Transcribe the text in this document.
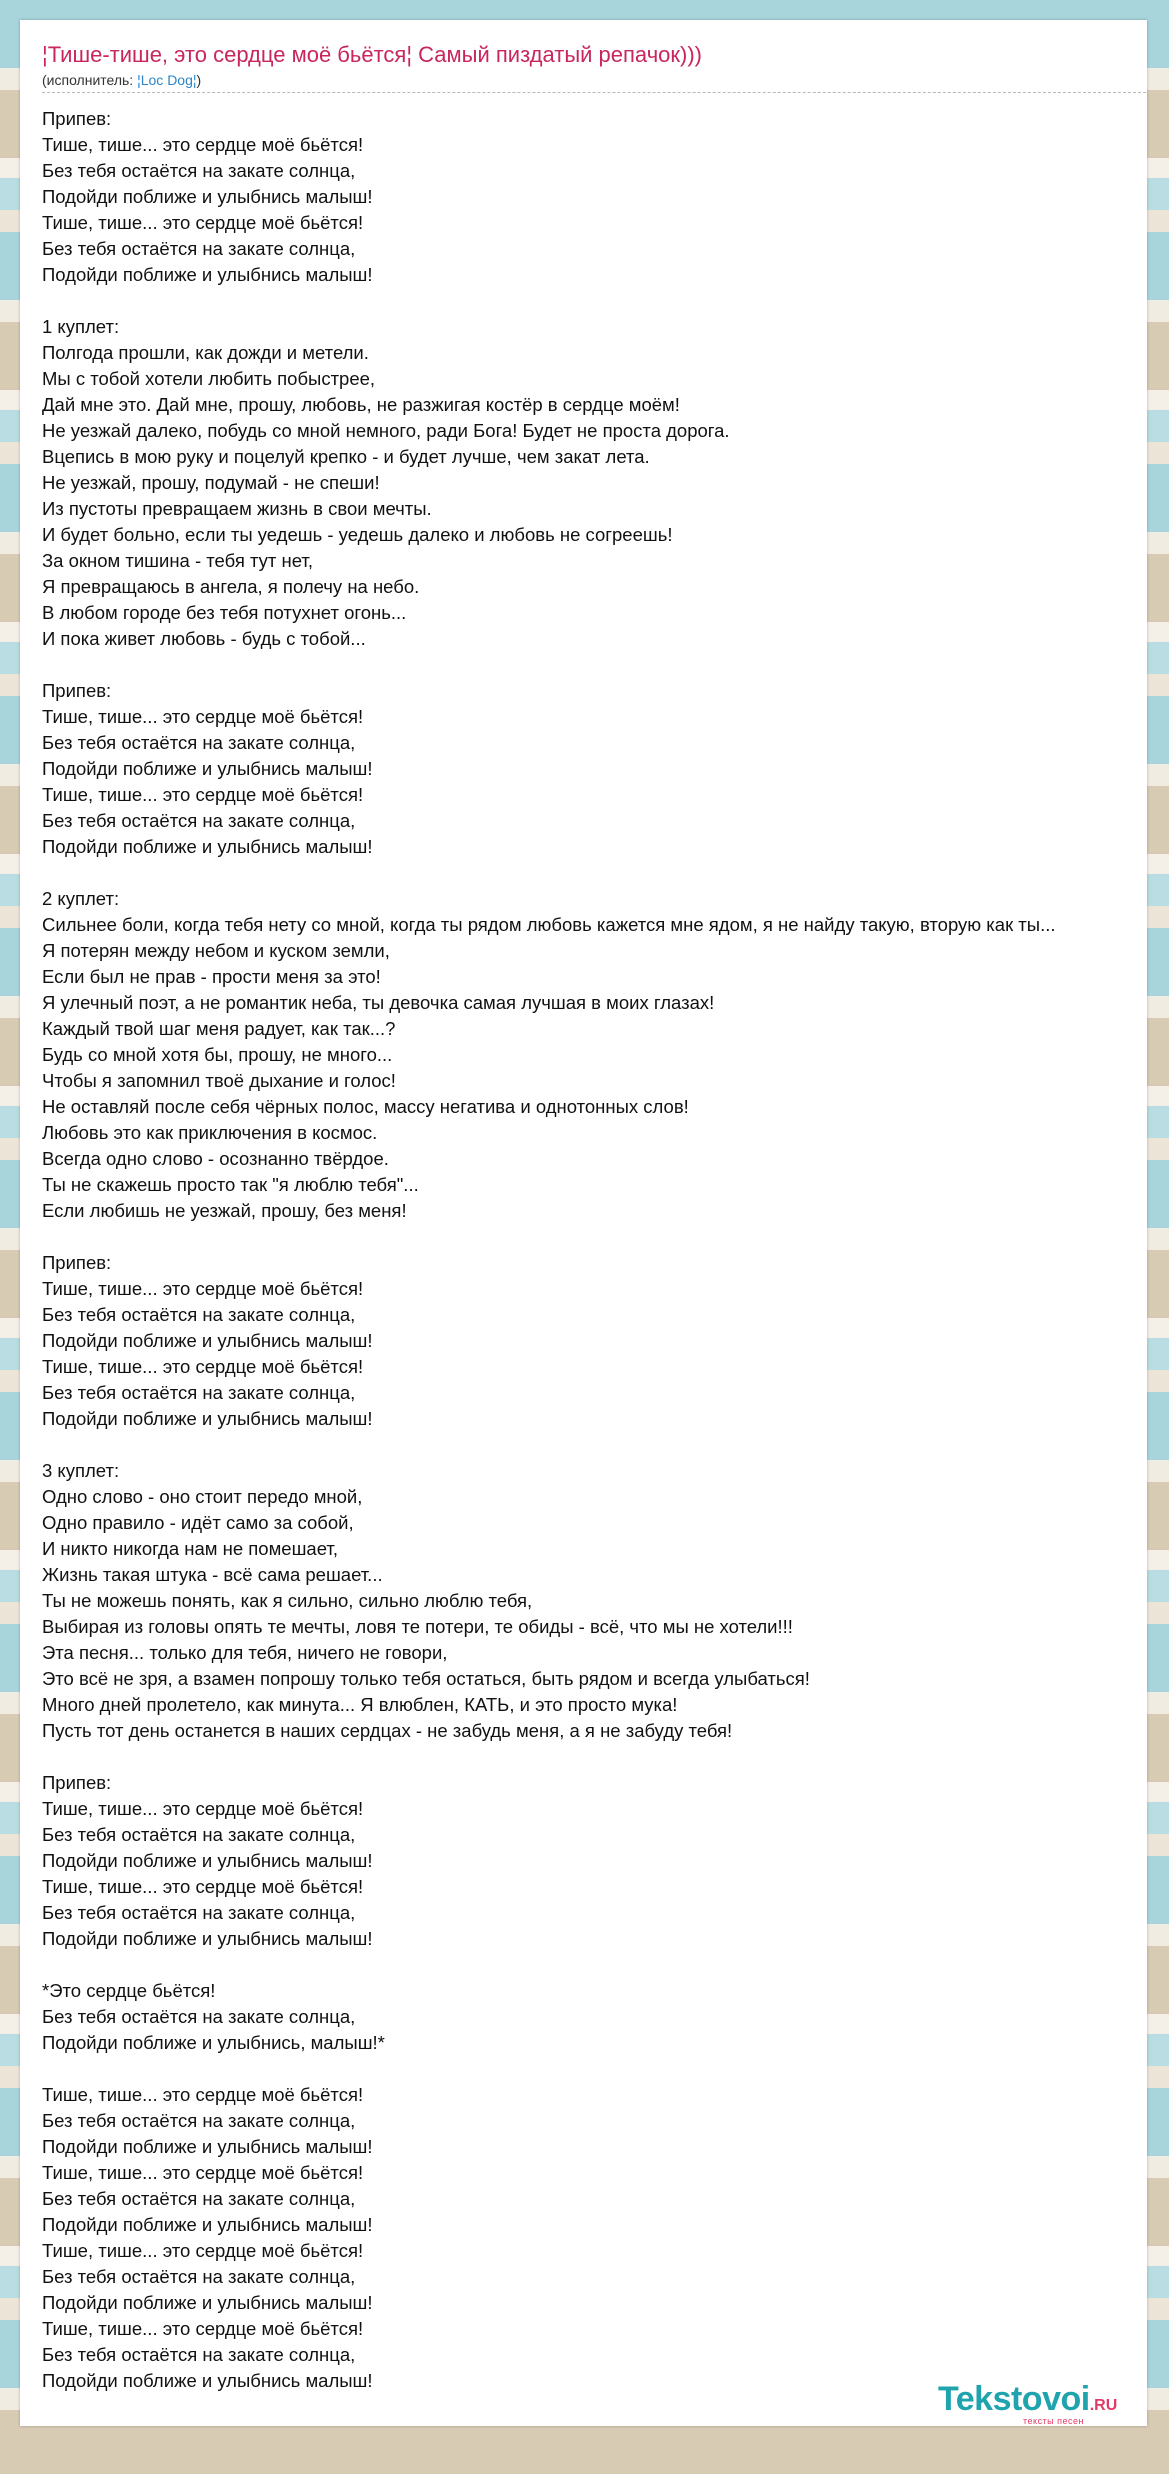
¦Тише-тише, это сердце моё бьётся¦ Самый пиздатый репачок)))
(исполнитель: ¦Loc Dog¦)
Припев:
Тише, тише... это сердце моё бьётся!
Без тебя остаётся на закате солнца,
Подойди поближе и улыбнись малыш!
Тише, тише... это сердце моё бьётся!
Без тебя остаётся на закате солнца,
Подойди поближе и улыбнись малыш!
1 куплет:
Полгода прошли, как дожди и метели.
Мы с тобой хотели любить побыстрее,
Дай мне это. Дай мне, прошу, любовь, не разжигая костёр в сердце моём!
Не уезжай далеко, побудь со мной немного, ради Бога! Будет не проста дорога.
Вцепись в мою руку и поцелуй крепко - и будет лучше, чем закат лета.
Не уезжай, прошу, подумай - не спеши!
Из пустоты превращаем жизнь в свои мечты.
И будет больно, если ты уедешь - уедешь далеко и любовь не согреешь!
За окном тишина - тебя тут нет,
Я превращаюсь в ангела, я полечу на небо.
В любом городе без тебя потухнет огонь...
И пока живет любовь - будь с тобой...
Припев:
Тише, тише... это сердце моё бьётся!
Без тебя остаётся на закате солнца,
Подойди поближе и улыбнись малыш!
Тише, тише... это сердце моё бьётся!
Без тебя остаётся на закате солнца,
Подойди поближе и улыбнись малыш!
2 куплет:
Сильнее боли, когда тебя нету со мной, когда ты рядом любовь кажется мне ядом, я не найду такую, вторую как ты...
Я потерян между небом и куском земли,
Если был не прав - прости меня за это!
Я улечный поэт, а не романтик неба, ты девочка самая лучшая в моих глазах!
Каждый твой шаг меня радует, как так...?
Будь со мной хотя бы, прошу, не много...
Чтобы я запомнил твоё дыхание и голос!
Не оставляй после себя чёрных полос, массу негатива и однотонных слов!
Любовь это как приключения в космос.
Всегда одно слово - осознанно твёрдое.
Ты не скажешь просто так "я люблю тебя"...
Если любишь не уезжай, прошу, без меня!
Припев:
Тише, тише... это сердце моё бьётся!
Без тебя остаётся на закате солнца,
Подойди поближе и улыбнись малыш!
Тише, тише... это сердце моё бьётся!
Без тебя остаётся на закате солнца,
Подойди поближе и улыбнись малыш!
3 куплет:
Одно слово - оно стоит передо мной,
Одно правило - идёт само за собой,
И никто никогда нам не помешает,
Жизнь такая штука - всё сама решает...
Ты не можешь понять, как я сильно, сильно люблю тебя,
Выбирая из головы опять те мечты, ловя те потери, те обиды - всё, что мы не хотели!!!
Эта песня... только для тебя, ничего не говори,
Это всё не зря, а взамен попрошу только тебя остаться, быть рядом и всегда улыбаться!
Много дней пролетело, как минута... Я влюблен, КАТЬ, и это просто мука!
Пусть тот день останется в наших сердцах - не забудь меня, а я не забуду тебя!
Припев:
Тише, тише... это сердце моё бьётся!
Без тебя остаётся на закате солнца,
Подойди поближе и улыбнись малыш!
Тише, тише... это сердце моё бьётся!
Без тебя остаётся на закате солнца,
Подойди поближе и улыбнись малыш!
*Это сердце бьётся!
Без тебя остаётся на закате солнца,
Подойди поближе и улыбнись, малыш!*
Тише, тише... это сердце моё бьётся!
Без тебя остаётся на закате солнца,
Подойди поближе и улыбнись малыш!
Тише, тише... это сердце моё бьётся!
Без тебя остаётся на закате солнца,
Подойди поближе и улыбнись малыш!
Тише, тише... это сердце моё бьётся!
Без тебя остаётся на закате солнца,
Подойди поближе и улыбнись малыш!
Тише, тише... это сердце моё бьётся!
Без тебя остаётся на закате солнца,
Подойди поближе и улыбнись малыш!	Tekstovoi.RU
тексты песен
